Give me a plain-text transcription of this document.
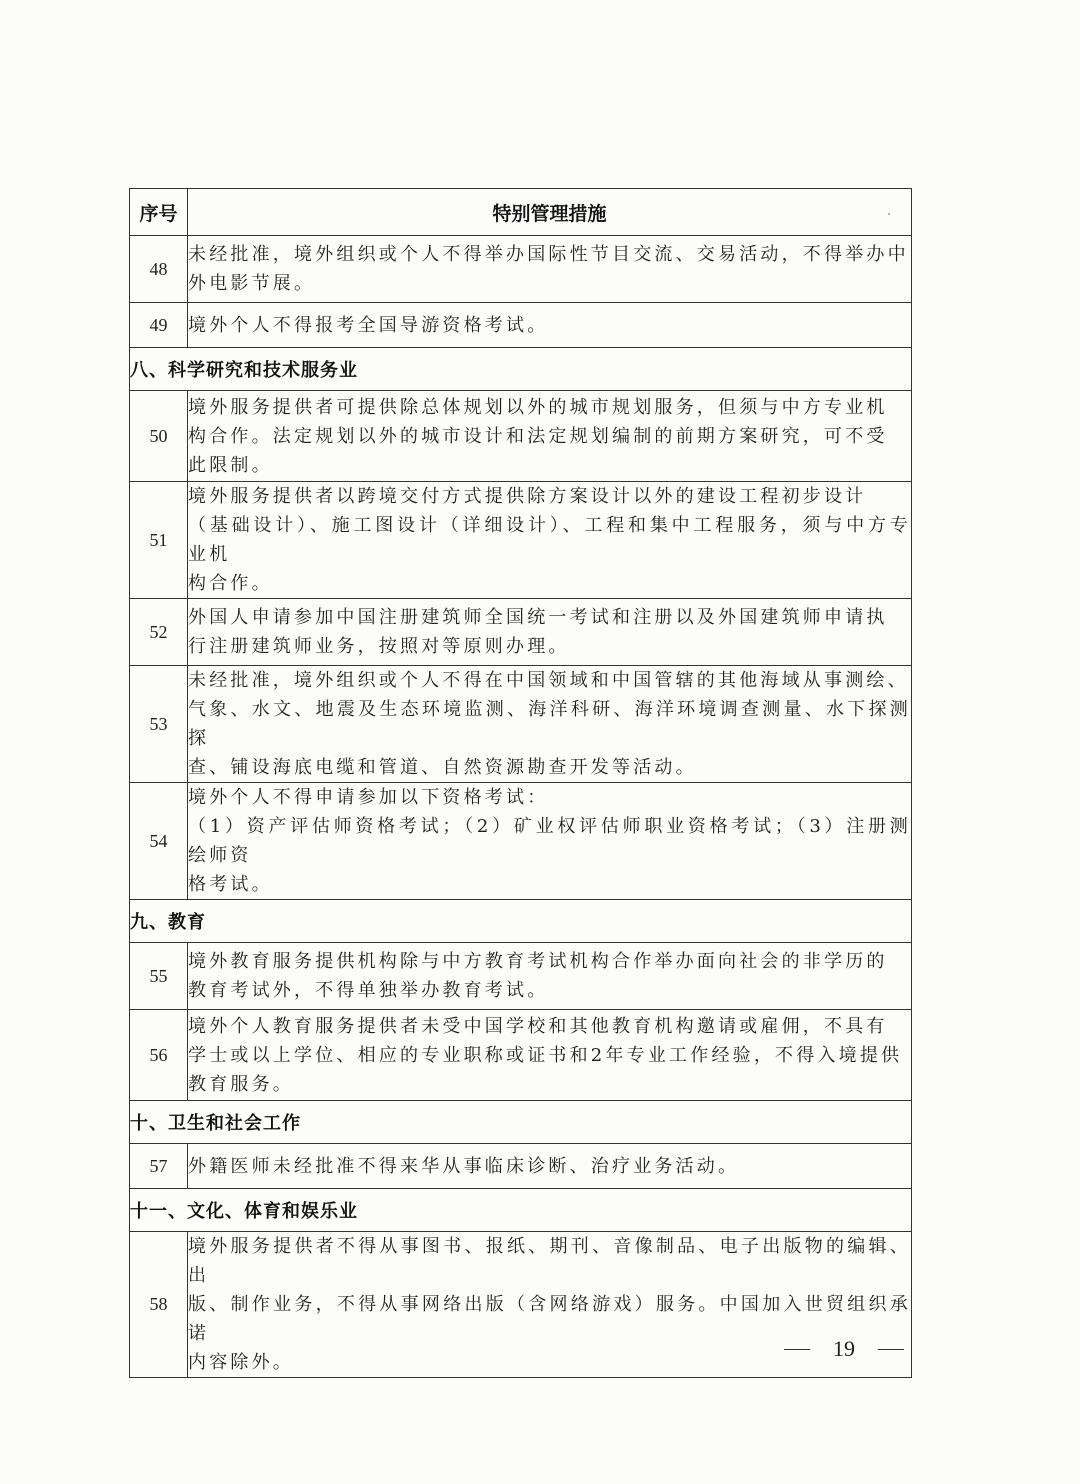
序号	特别管理措施
48	未经批准，境外组织或个人不得举办国际性节目交流、交易活动，不得举办中
外电影节展。

49	境外个人不得报考全国导游资格考试。

八、科学研究和技术服务业	
50	境外服务提供者可提供除总体规划以外的城市规划服务，但须与中方专业机
构合作。法定规划以外的城市设计和法定规划编制的前期方案研究，可不受
此限制。

51	境外服务提供者以跨境交付方式提供除方案设计以外的建设工程初步设计
（基础设计）、施工图设计（详细设计）、工程和集中工程服务，须与中方专业机
构合作。

52	外国人申请参加中国注册建筑师全国统一考试和注册以及外国建筑师申请执
行注册建筑师业务，按照对等原则办理。

53	未经批准，境外组织或个人不得在中国领域和中国管辖的其他海域从事测绘、
气象、水文、地震及生态环境监测、海洋科研、海洋环境调查测量、水下探测探
查、铺设海底电缆和管道、自然资源勘查开发等活动。

54	境外个人不得申请参加以下资格考试：
（1）资产评估师资格考试；（2）矿业权评估师职业资格考试；（3）注册测绘师资
格考试。

九、教育	
55	境外教育服务提供机构除与中方教育考试机构合作举办面向社会的非学历的
教育考试外，不得单独举办教育考试。

56	境外个人教育服务提供者未受中国学校和其他教育机构邀请或雇佣，不具有
学士或以上学位、相应的专业职称或证书和2年专业工作经验，不得入境提供
教育服务。

十、卫生和社会工作	
57	外籍医师未经批准不得来华从事临床诊断、治疗业务活动。

十一、文化、体育和娱乐业	
58	境外服务提供者不得从事图书、报纸、期刊、音像制品、电子出版物的编辑、出
版、制作业务，不得从事网络出版（含网络游戏）服务。中国加入世贸组织承诺
内容除外。
19
